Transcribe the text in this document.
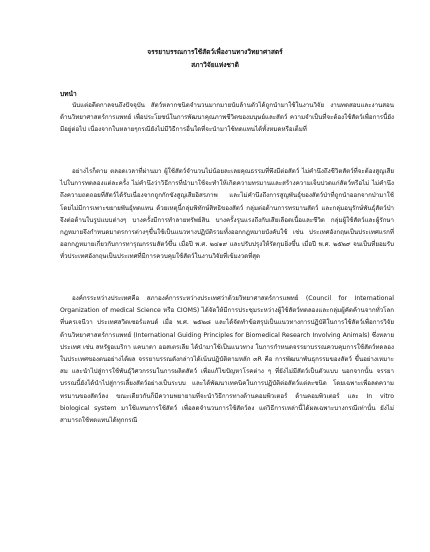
จรรยาบรรณการใช้สัตว์เพื่องานทางวิทยาศาสตร์
สภาวิจัยแห่งชาติ
บทนำ

นับแต่อดีตกาลจนถึงปัจจุบัน สัตว์หลากชนิดจำนวนมากมายนับล้านตัวได้ถูกนำมาใช้ในงานวิจัย งานทดสอบและงานสอนด้านวิทยาศาสตร์การแพทย์ เพื่อประโยชน์ในการพัฒนาคุณภาพชีวิตของมนุษย์และสัตว์ ความจำเป็นที่จะต้องใช้สัตว์เพื่อการนี้ยังมีอยู่ต่อไป เนื่องจากในหลายๆกรณียังไม่มีวิธีการอื่นใดที่จะนำมาใช้ทดแทนได้ทั้งหมดหรือเต็มที่

อย่างไรก็ตาม ตลอดเวลาที่ผ่านมา ผู้ใช้สัตว์จำนวนไม่น้อยละเลยคุณธรรมที่พึงมีต่อสัตว์ ไม่คำนึงถึงชีวิตสัตว์ที่จะต้องสูญเสียไปในการทดลองแต่ละครั้ง ไม่คำนึงว่าวิธีการที่นำมาใช้จะทำให้เกิดความทรมานและสร้างความเจ็บปวดแก่สัตว์หรือไม่ ไม่คำนึงถึงความถดถอยที่สัตว์ได้รับเนื่องจากถูกกักขังสูญเสียอิสรภาพ และไม่คำนึงถึงการสูญพันธุ์ของสัตว์ป่าที่ถูกนำออกจากป่ามาใช้โดยไม่มีการเพาะขยายพันธุ์ทดแทน ด้วยเหตุนี้กลุ่มพิทักษ์สิทธิของสัตว์ กลุ่มต่อต้านการทรมานสัตว์ และกลุ่มอนุรักษ์พันธุ์สัตว์ป่า จึงต่อต้านในรูปแบบต่างๆ บางครั้งมีการทำลายทรัพย์สิน บางครั้งรุนแรงถึงกับเสียเลือดเนื้อและชีวิต กลุ่มผู้ใช้สัตว์และผู้รักษากฎหมายจึงกำหนดมาตรการต่างๆขึ้นใช้เป็นแนวทางปฏิบัติรวมทั้งออกกฎหมายบังคับใช้ เช่น ประเทศอังกฤษเป็นประเทศแรกที่ออกกฎหมายเกี่ยวกับการทารุณกรรมสัตว์ขึ้น เมื่อปี พ.ศ. ๒๔๑๙ และปรับปรุงให้รัดกุมยิ่งขึ้น เมื่อปี พ.ศ. ๒๕๒๙ จนเป็นที่ยอมรับทั่วประเทศอังกฤษเป็นประเทศที่มีการควบคุมใช้สัตว์ในงานวิจัยที่เข้มงวดที่สุด

องค์กรระหว่างประเทศคือ สภาองค์การระหว่างประเทศว่าด้วยวิทยาศาสตร์การแพทย์ (Council for International Organization of medical Science หรือ CIOMS) ได้จัดให้มีการประชุมระหว่างผู้ใช้สัตว์ทดลองและกลุ่มผู้คัดค้านจากทั่วโลก ที่นครเจนีวา ประเทศสวิตเซอร์แลนด์ เมื่อ พ.ศ. ๒๕๒๘ และได้จัดทำข้อสรุปเป็นแนวทางการปฏิบัติในการใช้สัตว์เพื่อการวิจัยด้านวิทยาศาสตร์การแพทย์ (International Guiding Principles for Biomedical Research Involving Animals) ซึ่งหลายประเทศ เช่น สหรัฐอเมริกา แคนาดา ออสเตรเลีย ได้นำมาใช้เป็นแนวทาง ในการกำหนดจรรยาบรรณควบคุมการใช้สัตว์ทดลองในประเทศของตนอย่างได้ผล จรรยาบรรณดังกล่าวได้เน้นปฏิบัติตามหลัก ๓R คือ การพัฒนาพันธุกรรมของสัตว์ ขึ้นอย่างเหมาะสม และนำไปสู่การใช้พันธุ์วิศวกรรมในการผลิตสัตว์ เพื่อแก้ไขปัญหาโรคต่าง ๆ ที่ยังไม่มีสัตว์เป็นตัวแบบ นอกจากนั้น จรรยาบรรณนี้ยังได้นำไปสู่การเลี้ยงสัตว์อย่างเป็นระบบ และได้พัฒนาเทคนิคในการปฏิบัติต่อสัตว์แต่ละชนิด โดยเฉพาะเพื่อลดความทรมานของสัตว์ลง ขณะเดียวกันก็มีความพยายามที่จะนำวิธีการทางด้านคอมพิวเตอร์ ด้านคอมพิวเตอร์ และ In vitro biological system มาใช้แทนการใช้สัตว์ เพื่อลดจำนวนการใช้สัตว์ลง แต่วิธีการเหล่านี้ได้ผลเฉพาะบางกรณีเท่านั้น ยังไม่สามารถใช้ทดแทนได้ทุกกรณี
